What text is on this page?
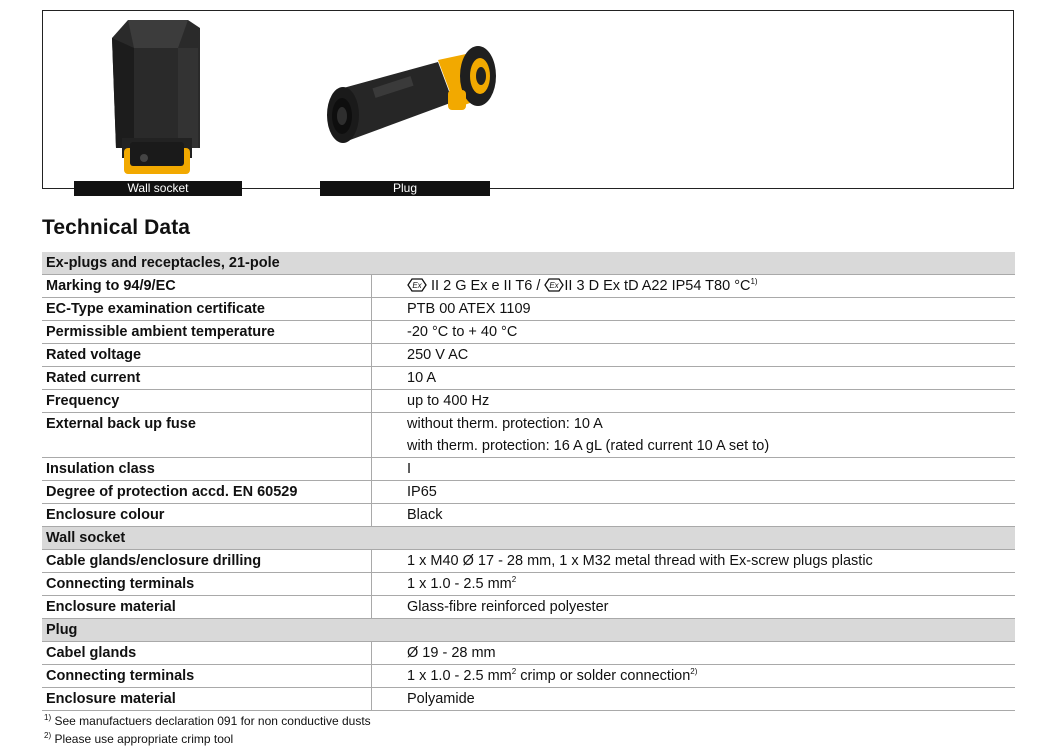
Wall socket	Plug
Technical Data
Ex-plugs and receptacles, 21-pole
Marking to 94/9/EC	Ex II 2 G Ex e II T6 / Ex II 3 D Ex tD A22 IP54 T80 $^\circ C^{1)}$
EC-Type examination certificate	PTB 00 ATEX 1109
Permissible ambient temperature	-20 °C to + 40 °C
Rated voltage	250 V AC
Rated current	10 A
Frequency	up to 400 Hz
External back up fuse	without therm. protection: 10 A
with therm. protection: 16 A gL (rated current 10 A set to)
Insulation class	I
Degree of protection accd. EN 60529	IP65
Enclosure colour	Black
Wall socket
Cable glands/enclosure drilling	1 x M40 Ø 17 - 28 mm, 1 x M32 metal thread with Ex-screw plugs plastic
Connecting terminals	1 x 1.0 - 2.5 $mm^2$
Enclosure material	Glass-fibre reinforced polyester
Plug
Cabel glands	Ø 19 - 28 mm
Connecting terminals	1 x 1.0 - 2.5 $mm^2$ crimp or solder connection$^{2)}$
Enclosure material	Polyamide
$^{1)}$ See manufactuers declaration 091 for non conductive dusts
$^{2)}$ Please use appropriate crimp tool
